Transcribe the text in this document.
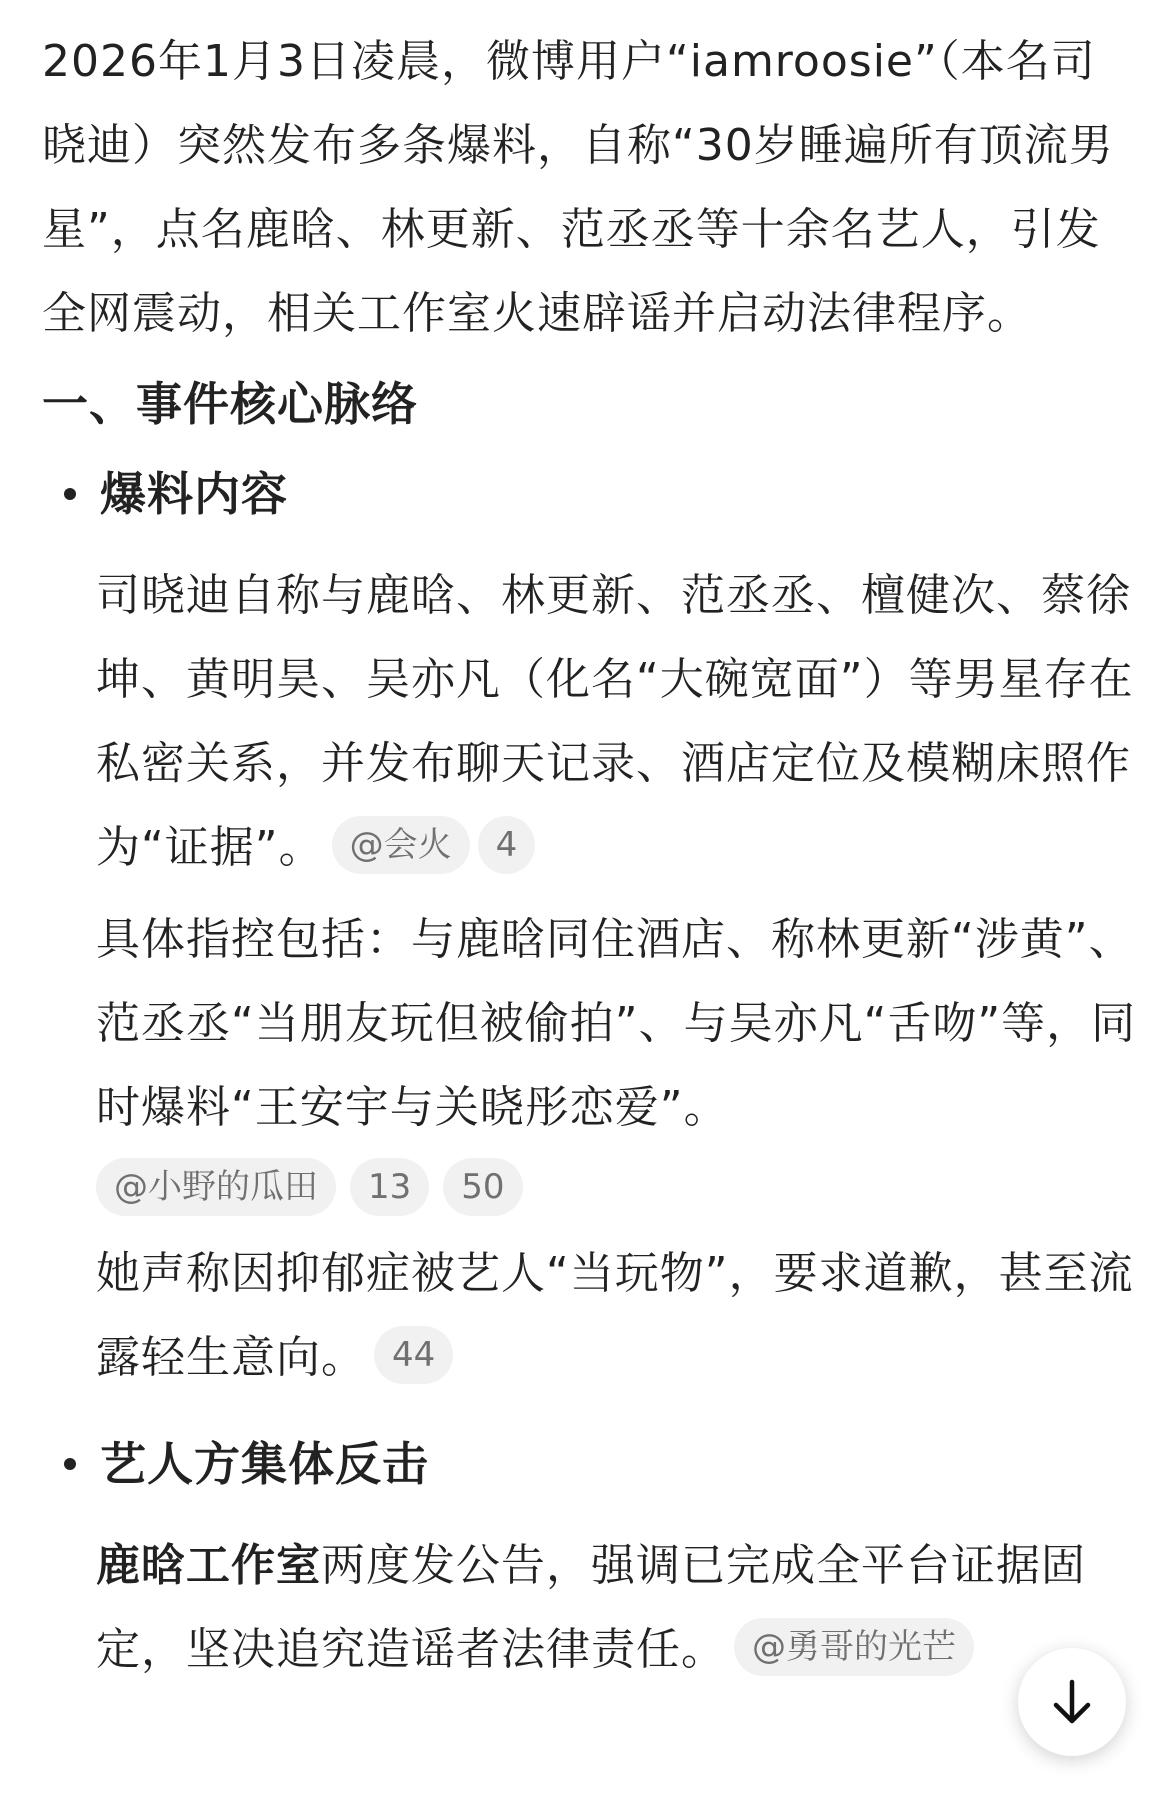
2026年1月3日凌晨，微博用户“iamroosie”（本名司晓迪）突然发布多条爆料，自称“30岁睡遍所有顶流男星”，点名鹿晗、林更新、范丞丞等十余名艺人，引发全网震动，相关工作室火速辟谣并启动法律程序。

一、事件核心脉络
爆料内容

司晓迪自称与鹿晗、林更新、范丞丞、檀健次、蔡徐坤、黄明昊、吴亦凡（化名“大碗宽面”）等男星存在私密关系，并发布聊天记录、酒店定位及模糊床照作为“证据”。 @会火 4

具体指控包括：与鹿晗同住酒店、称林更新“涉黄”、范丞丞“当朋友玩但被偷拍”、与吴亦凡“舌吻”等，同时爆料“王安宇与关晓彤恋爱”。

@小野的瓜田 13 50

她声称因抑郁症被艺人“当玩物”，要求道歉，甚至流露轻生意向。 44

艺人方集体反击

鹿晗工作室两度发公告，强调已完成全平台证据固定，坚决追究造谣者法律责任。 @勇哥的光芒
